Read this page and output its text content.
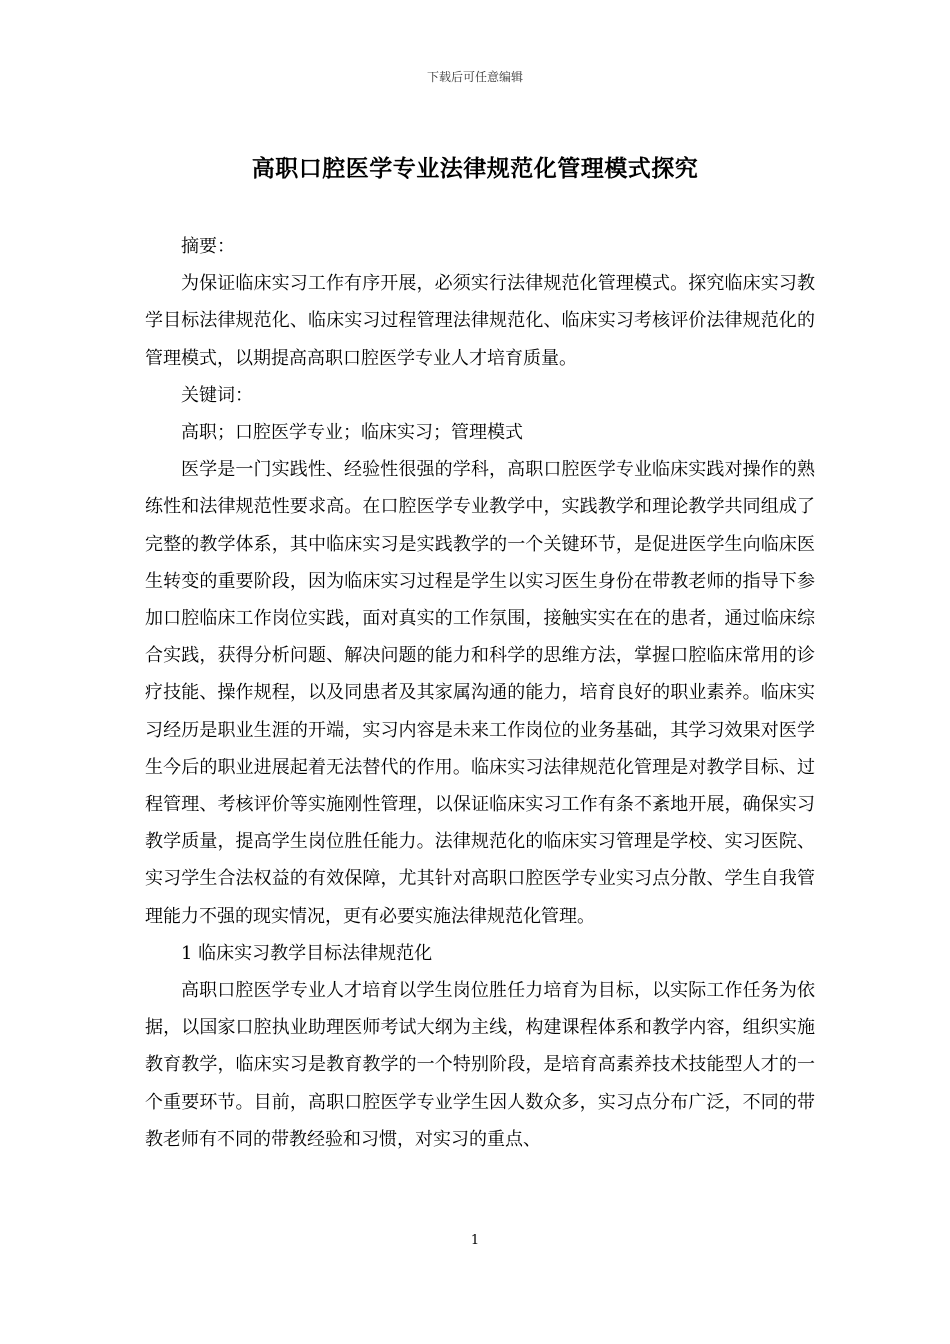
下载后可任意编辑
高职口腔医学专业法律规范化管理模式探究

摘要：

为保证临床实习工作有序开展，必须实行法律规范化管理模式。探究临床实习教学目标法律规范化、临床实习过程管理法律规范化、临床实习考核评价法律规范化的管理模式，以期提高高职口腔医学专业人才培育质量。

关键词：

高职；口腔医学专业；临床实习；管理模式

医学是一门实践性、经验性很强的学科，高职口腔医学专业临床实践对操作的熟练性和法律规范性要求高。在口腔医学专业教学中，实践教学和理论教学共同组成了完整的教学体系，其中临床实习是实践教学的一个关键环节，是促进医学生向临床医生转变的重要阶段，因为临床实习过程是学生以实习医生身份在带教老师的指导下参加口腔临床工作岗位实践，面对真实的工作氛围，接触实实在在的患者，通过临床综合实践，获得分析问题、解决问题的能力和科学的思维方法，掌握口腔临床常用的诊疗技能、操作规程，以及同患者及其家属沟通的能力，培育良好的职业素养。临床实习经历是职业生涯的开端，实习内容是未来工作岗位的业务基础，其学习效果对医学生今后的职业进展起着无法替代的作用。临床实习法律规范化管理是对教学目标、过程管理、考核评价等实施刚性管理，以保证临床实习工作有条不紊地开展，确保实习教学质量，提高学生岗位胜任能力。法律规范化的临床实习管理是学校、实习医院、实习学生合法权益的有效保障，尤其针对高职口腔医学专业实习点分散、学生自我管理能力不强的现实情况，更有必要实施法律规范化管理。

1 临床实习教学目标法律规范化

高职口腔医学专业人才培育以学生岗位胜任力培育为目标，以实际工作任务为依据，以国家口腔执业助理医师考试大纲为主线，构建课程体系和教学内容，组织实施教育教学，临床实习是教育教学的一个特别阶段，是培育高素养技术技能型人才的一个重要环节。目前，高职口腔医学专业学生因人数众多，实习点分布广泛，不同的带教老师有不同的带教经验和习惯，对实习的重点、

1
